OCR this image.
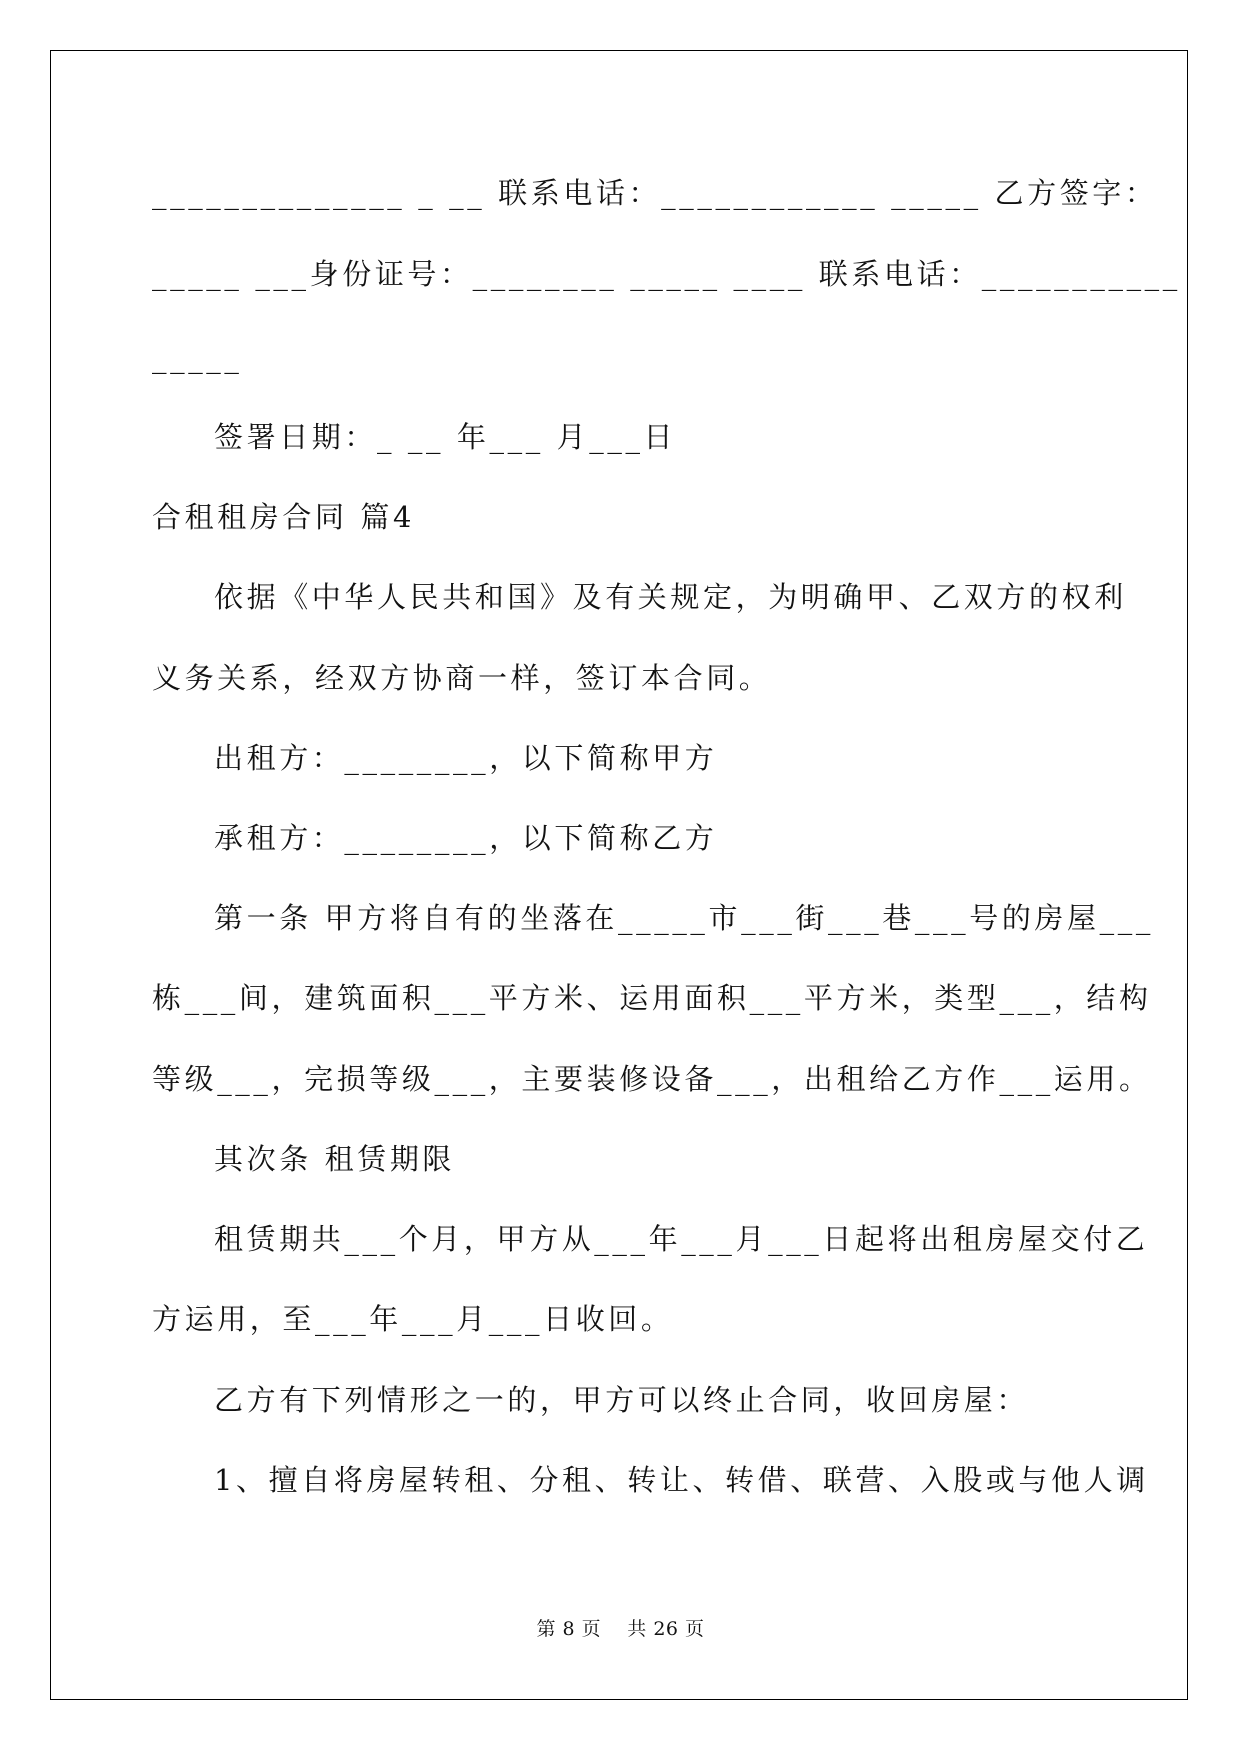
______________ _ __ 联系电话：____________ _____ 乙方签字：
_____ ___身份证号：________ _____ ____ 联系电话：___________
_____
签署日期：_ __ 年___ 月___日
合租租房合同 篇4
依据《中华人民共和国》及有关规定，为明确甲、乙双方的权利
义务关系，经双方协商一样，签订本合同。
出租方：________，以下简称甲方
承租方：________，以下简称乙方
第一条 甲方将自有的坐落在_____市___街___巷___号的房屋___
栋___间，建筑面积___平方米、运用面积___平方米，类型___，结构
等级___，完损等级___，主要装修设备___，出租给乙方作___运用。
其次条 租赁期限
租赁期共___个月，甲方从___年___月___日起将出租房屋交付乙
方运用，至___年___月___日收回。
乙方有下列情形之一的，甲方可以终止合同，收回房屋：
1、擅自将房屋转租、分租、转让、转借、联营、入股或与他人调
第 8 页    共 26 页
